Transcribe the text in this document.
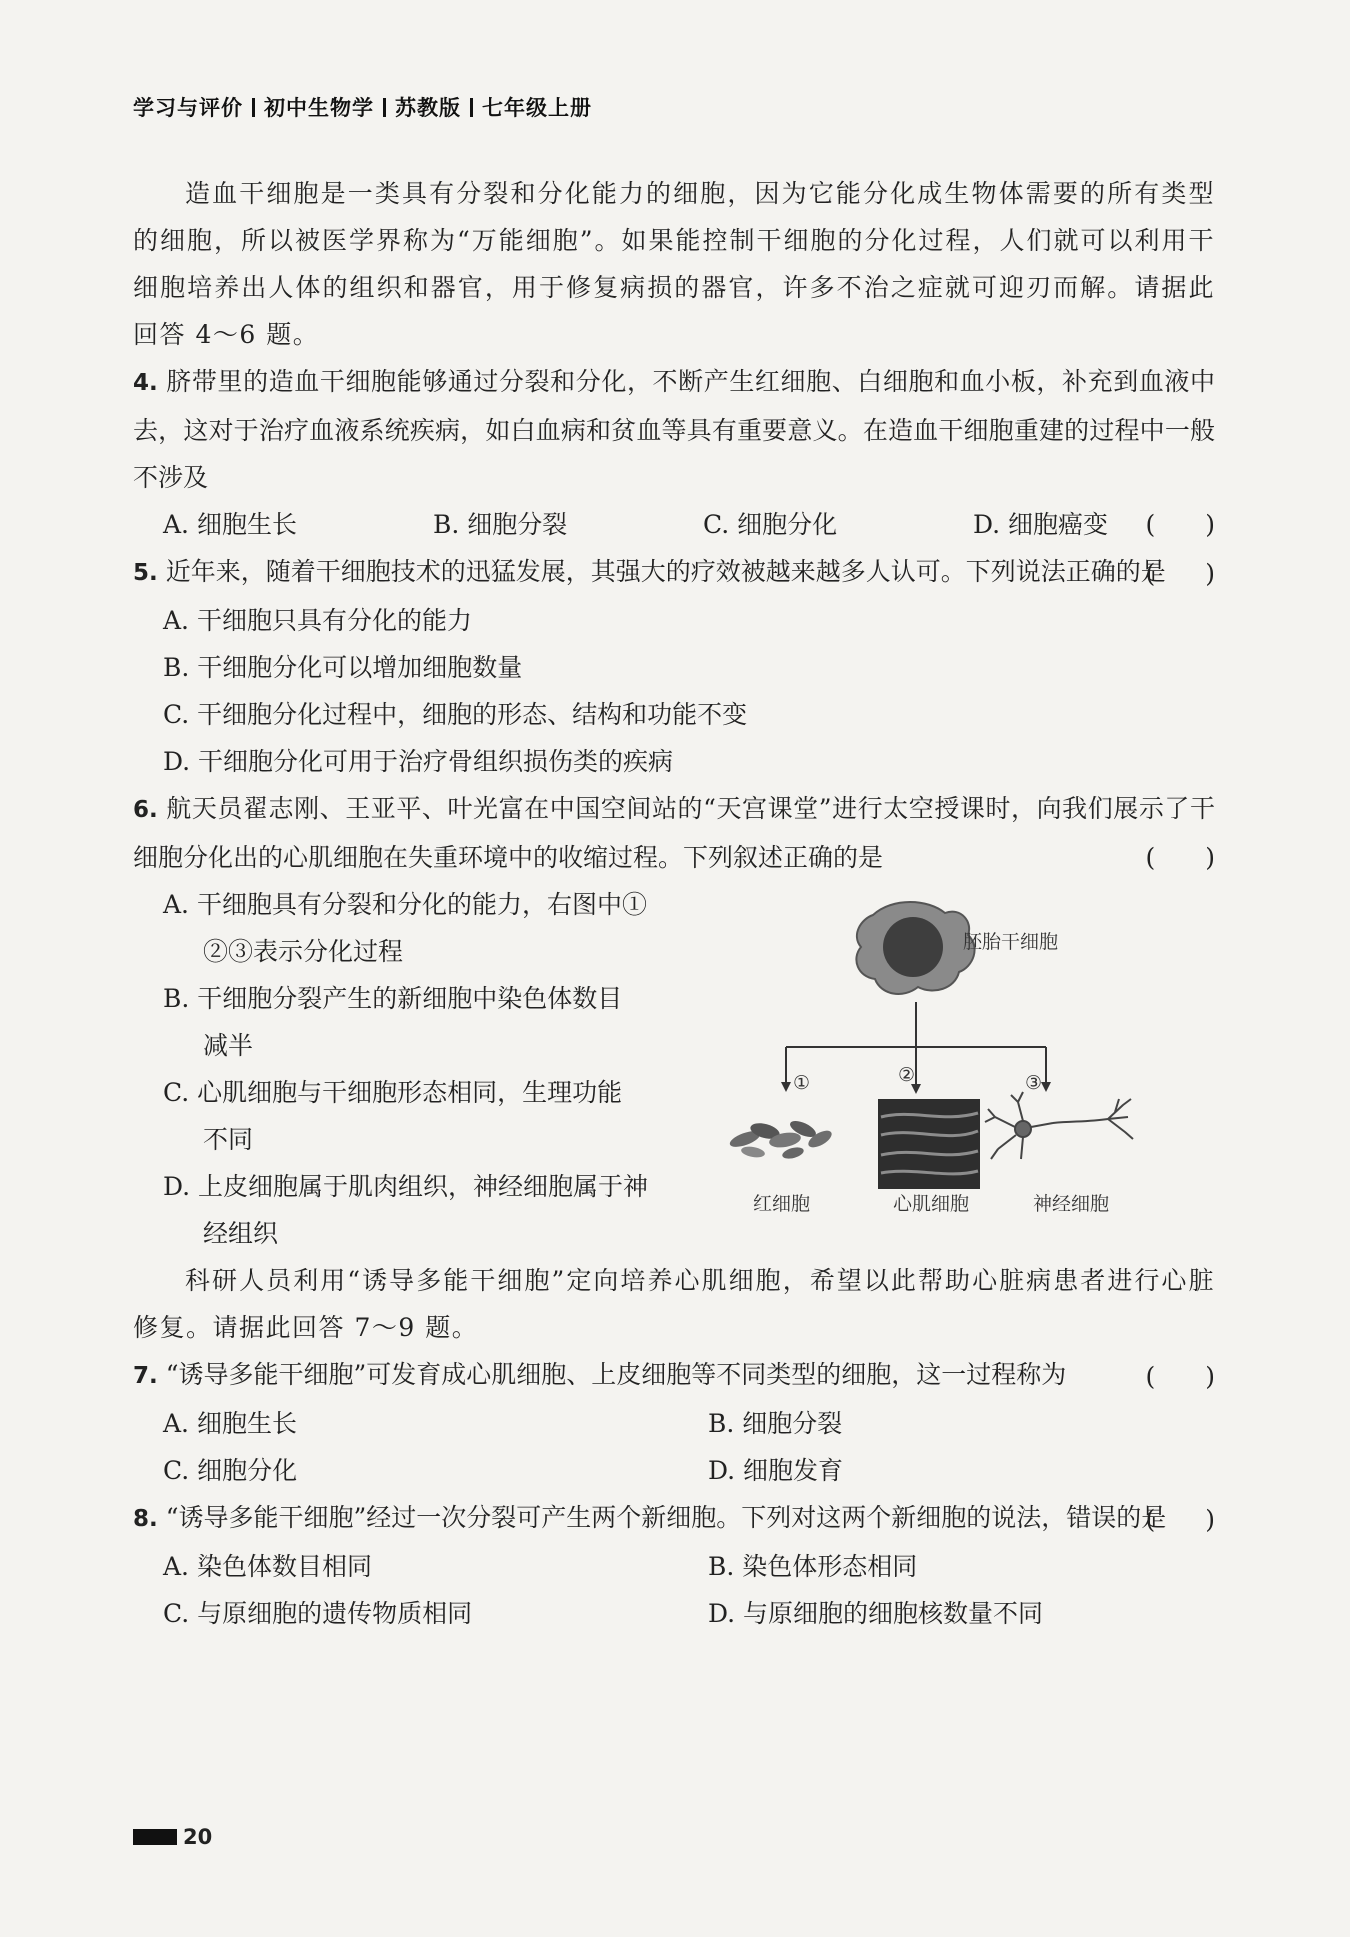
学习与评价 初中生物学 苏教版 七年级上册

造血干细胞是一类具有分裂和分化能力的细胞，因为它能分化成生物体需要的所有类型的细胞，所以被医学界称为“万能细胞”。如果能控制干细胞的分化过程，人们就可以利用干细胞培养出人体的组织和器官，用于修复病损的器官，许多不治之症就可迎刃而解。请据此回答 4～6 题。

4. 脐带里的造血干细胞能够通过分裂和分化，不断产生红细胞、白细胞和血小板，补充到血液中去，这对于治疗血液系统疾病，如白血病和贫血等具有重要意义。在造血干细胞重建的过程中一般不涉及
(　　)
A. 细胞生长	B. 细胞分裂	C. 细胞分化	D. 细胞癌变
5. 近年来，随着干细胞技术的迅猛发展，其强大的疗效被越来越多人认可。下列说法正确的是
(　　)
A. 干细胞只具有分化的能力
B. 干细胞分化可以增加细胞数量
C. 干细胞分化过程中，细胞的形态、结构和功能不变
D. 干细胞分化可用于治疗骨组织损伤类的疾病
6. 航天员翟志刚、王亚平、叶光富在中国空间站的“天宫课堂”进行太空授课时，向我们展示了干细胞分化出的心肌细胞在失重环境中的收缩过程。下列叙述正确的是	(　　)
A. 干细胞具有分裂和分化的能力，右图中①
②③表示分化过程
B. 干细胞分裂产生的新细胞中染色体数目
减半
C. 心肌细胞与干细胞形态相同，生理功能
不同
D. 上皮细胞属于肌肉组织，神经细胞属于神
经组织
胚胎干细胞
①	②	③
红细胞	心肌细胞	神经细胞

科研人员利用“诱导多能干细胞”定向培养心肌细胞，希望以此帮助心脏病患者进行心脏修复。请据此回答 7～9 题。

7. “诱导多能干细胞”可发育成心肌细胞、上皮细胞等不同类型的细胞，这一过程称为	(　　)
A. 细胞生长	B. 细胞分裂
C. 细胞分化	D. 细胞发育
8. “诱导多能干细胞”经过一次分裂可产生两个新细胞。下列对这两个新细胞的说法，错误的是
(　　)
A. 染色体数目相同	B. 染色体形态相同
C. 与原细胞的遗传物质相同	D. 与原细胞的细胞核数量不同
20
